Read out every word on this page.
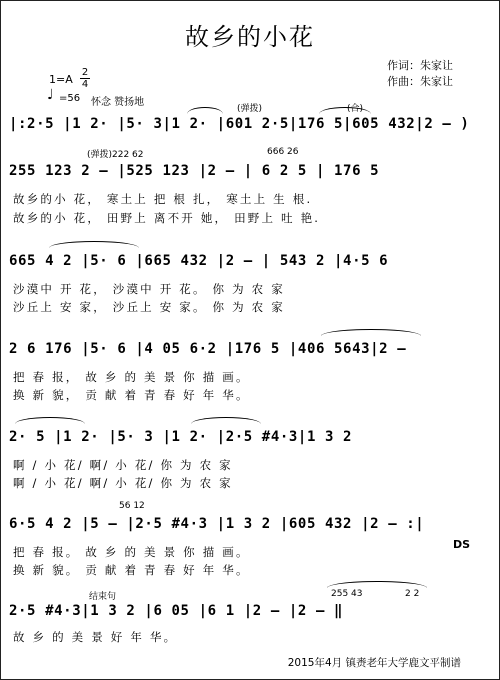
故乡的小花
作词：朱家让
作曲：朱家让
1=A
2
4
♩ =56 怀念 赞扬地
(弹拨)	(合)
|:2·5 |1 2· |5· 3|1 2· |601 2·5|176 5|605 432|2 – )
(弹拨)222 62	666 26
255 123 2 – |525 123 |2 – | 6 2 5 | 176 5
故乡的小 花， 寒土上 把 根 扎， 寒土上 生 根.
故乡的小 花， 田野上 离不开 她， 田野上 吐 艳.
665 4 2 |5· 6 |665 432 |2 – | 543 2 |4·5 6
沙漠中 开 花， 沙漠中 开 花。 你 为 农 家
沙丘上 安 家， 沙丘上 安 家。 你 为 农 家
2 6 176 |5· 6 |4 05 6·2 |176 5 |406 5643|2 –
把 春 报， 故 乡 的 美 景 你 描 画。
换 新 貌， 贡 献 着 青 春 好 年 华。
2· 5 |1 2· |5· 3 |1 2· |2·5 #4·3|1 3 2
啊 / 小 花/ 啊/ 小 花/ 你 为 农 家
啊 / 小 花/ 啊/ 小 花/ 你 为 农 家
56 12
6·5 4 2 |5 – |2·5 #4·3 |1 3 2 |605 432 |2 – :|
DS
把 春 报。 故 乡 的 美 景 你 描 画。
换 新 貌。 贡 献 着 青 春 好 年 华。
结束句	255 43	2 2
2·5 #4·3|1 3 2 |6 05 |6 1 |2 – |2 – ‖
故 乡 的 美 景 好 年 华。
2015年4月 镇赉老年大学鹿文平制谱
